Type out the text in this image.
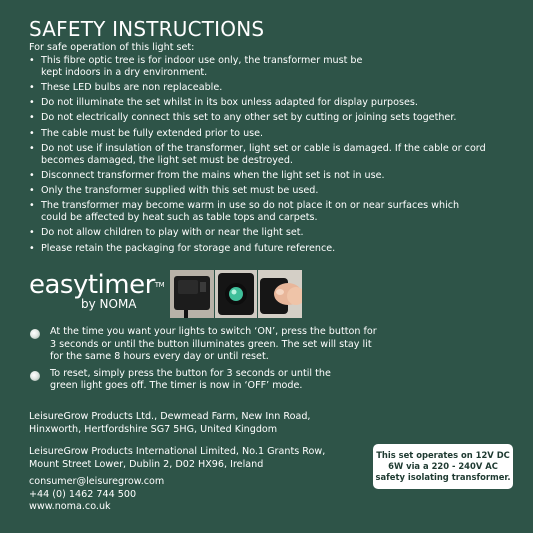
SAFETY INSTRUCTIONS

For safe operation of this light set:

• This fibre optic tree is for indoor use only, the transformer must be
kept indoors in a dry environment.
• These LED bulbs are non replaceable.
• Do not illuminate the set whilst in its box unless adapted for display purposes.
• Do not electrically connect this set to any other set by cutting or joining sets together.
• The cable must be fully extended prior to use.
• Do not use if insulation of the transformer, light set or cable is damaged. If the cable or cord
becomes damaged, the light set must be destroyed.
• Disconnect transformer from the mains when the light set is not in use.
• Only the transformer supplied with this set must be used.
• The transformer may become warm in use so do not place it on or near surfaces which
could be affected by heat such as table tops and carpets.
• Do not allow children to play with or near the light set.
• Please retain the packaging for storage and future reference.
easytimer™
by NOMA
At the time you want your lights to switch ‘ON’, press the button for
3 seconds or until the button illuminates green. The set will stay lit
for the same 8 hours every day or until reset.
To reset, simply press the button for 3 seconds or until the
green light goes off. The timer is now in ‘OFF’ mode.

LeisureGrow Products Ltd., Dewmead Farm, New Inn Road,
Hinxworth, Hertfordshire SG7 5HG, United Kingdom

LeisureGrow Products International Limited, No.1 Grants Row,
Mount Street Lower, Dublin 2, D02 HX96, Ireland

consumer@leisuregrow.com
+44 (0) 1462 744 500
www.noma.co.uk

This set operates on 12V DC
6W via a 220 - 240V AC
safety isolating transformer.
